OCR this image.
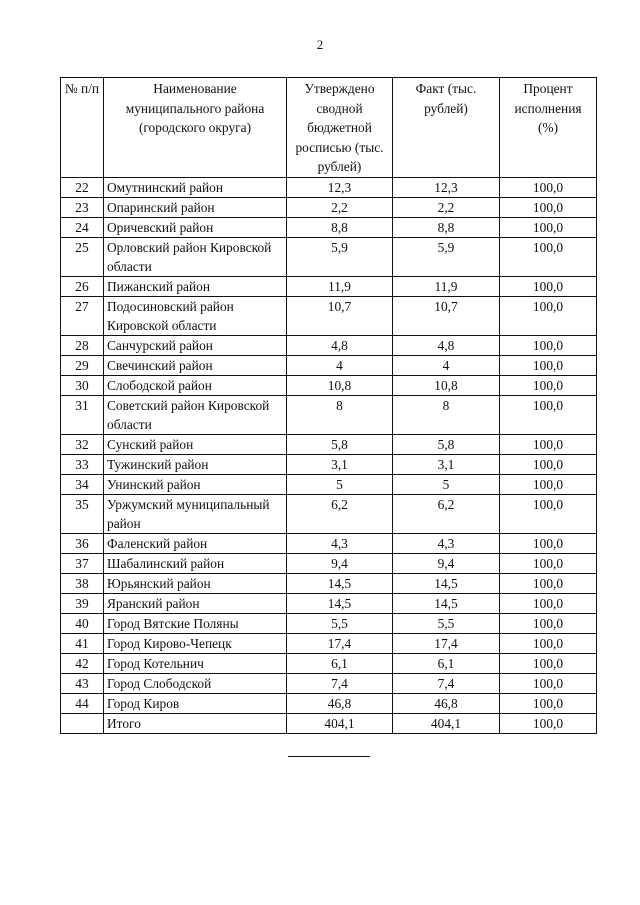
2
№ п/п	Наименование муниципального района (городского округа)	Утверждено сводной бюджетной росписью (тыс. рублей)	Факт (тыс. рублей)	Процент исполнения (%)
22	Омутнинский район	12,3	12,3	100,0
23	Опаринский район	2,2	2,2	100,0
24	Оричевский район	8,8	8,8	100,0
25	Орловский район Кировской области	5,9	5,9	100,0
26	Пижанский район	11,9	11,9	100,0
27	Подосиновский район Кировской области	10,7	10,7	100,0
28	Санчурский район	4,8	4,8	100,0
29	Свечинский район	4	4	100,0
30	Слободской район	10,8	10,8	100,0
31	Советский район Кировской области	8	8	100,0
32	Сунский район	5,8	5,8	100,0
33	Тужинский район	3,1	3,1	100,0
34	Унинский район	5	5	100,0
35	Уржумский муниципальный район	6,2	6,2	100,0
36	Фаленский район	4,3	4,3	100,0
37	Шабалинский район	9,4	9,4	100,0
38	Юрьянский район	14,5	14,5	100,0
39	Яранский район	14,5	14,5	100,0
40	Город Вятские Поляны	5,5	5,5	100,0
41	Город Кирово-Чепецк	17,4	17,4	100,0
42	Город Котельнич	6,1	6,1	100,0
43	Город Слободской	7,4	7,4	100,0
44	Город Киров	46,8	46,8	100,0
	Итого	404,1	404,1	100,0
